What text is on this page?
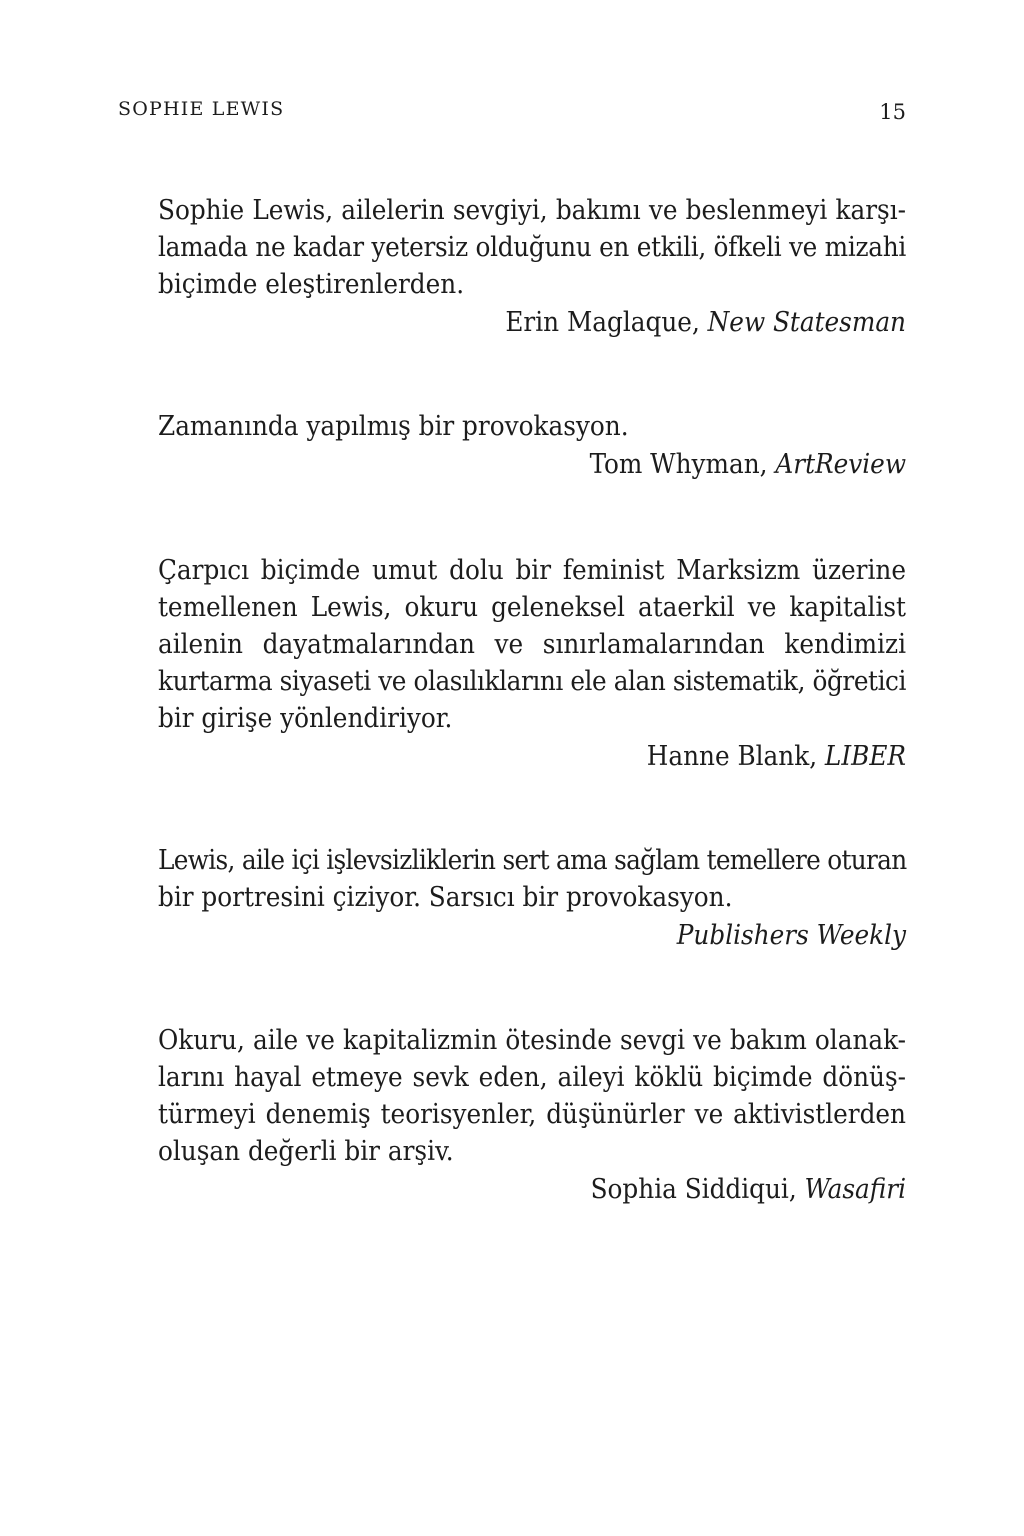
SOPHIE LEWIS	15

Sophie Lewis, ailelerin sevgiyi, bakımı ve beslenmeyi karşı-
lamada ne kadar yetersiz olduğunu en etkili, öfkeli ve mizahi
biçimde eleştirenlerden.

Erin Maglaque, New Statesman

Zamanında yapılmış bir provokasyon.

Tom Whyman, ArtReview

Çarpıcı biçimde umut dolu bir feminist Marksizm üzerine
temellenen Lewis, okuru geleneksel ataerkil ve kapitalist
ailenin dayatmalarından ve sınırlamalarından kendimizi
kurtarma siyaseti ve olasılıklarını ele alan sistematik, öğretici
bir girişe yönlendiriyor.

Hanne Blank, LIBER

Lewis, aile içi işlevsizliklerin sert ama sağlam temellere oturan
bir portresini çiziyor. Sarsıcı bir provokasyon.

Publishers Weekly

Okuru, aile ve kapitalizmin ötesinde sevgi ve bakım olanak-
larını hayal etmeye sevk eden, aileyi köklü biçimde dönüş-
türmeyi denemiş teorisyenler, düşünürler ve aktivistlerden
oluşan değerli bir arşiv.

Sophia Siddiqui, Wasafiri
